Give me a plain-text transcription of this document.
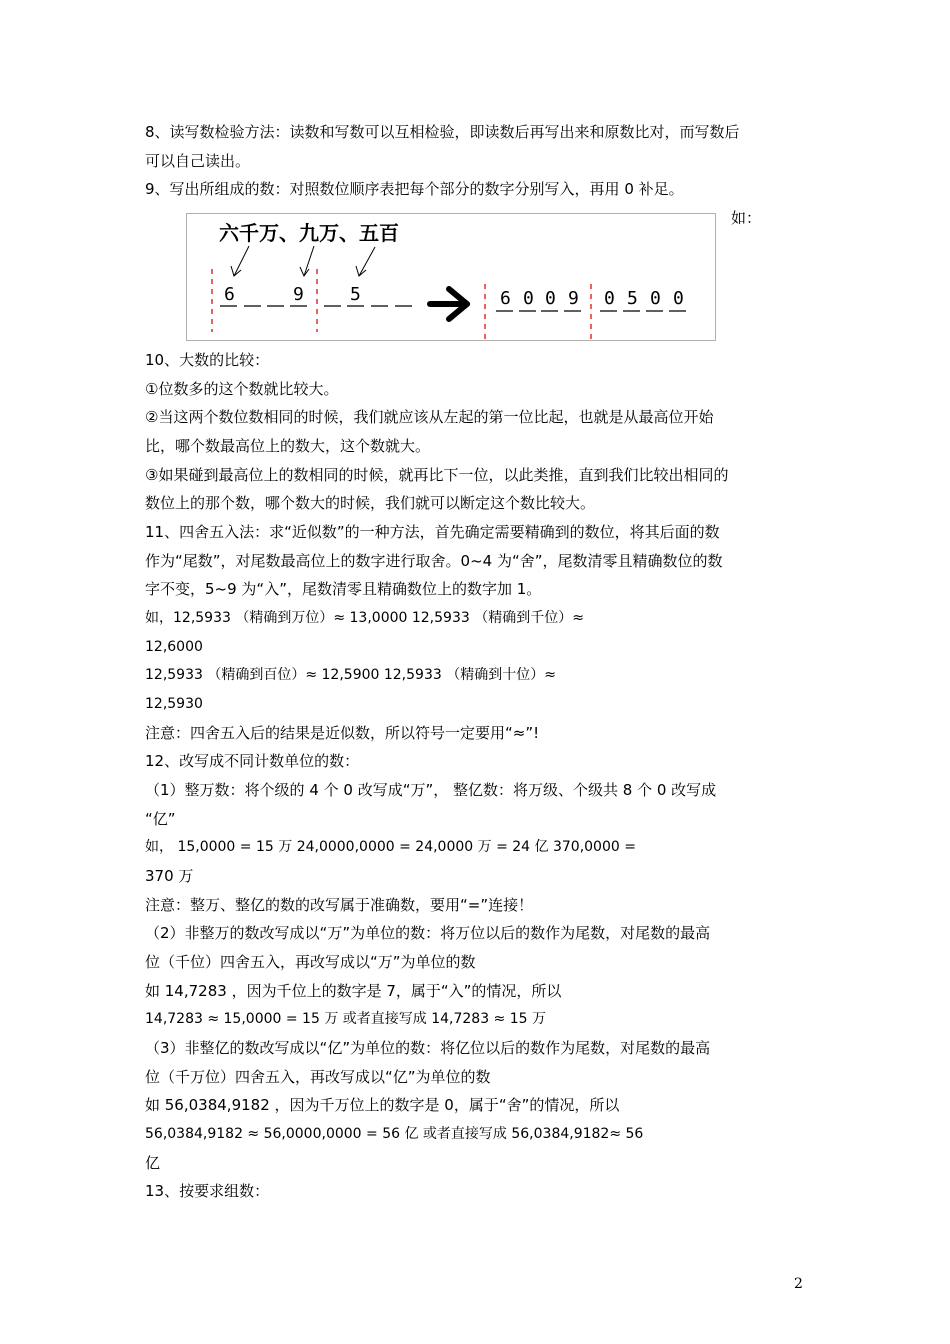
8、读写数检验方法：读数和写数可以互相检验，即读数后再写出来和原数比对，而写数后
可以自己读出。
9、写出所组成的数：对照数位顺序表把每个部分的数字分别写入，再用 0 补足。
六千万、九万、五百
6	9	5	6 0 0 9 0 5 0 0
如：
10、大数的比较：
①位数多的这个数就比较大。
②当这两个数位数相同的时候，我们就应该从左起的第一位比起，也就是从最高位开始
比，哪个数最高位上的数大，这个数就大。
③如果碰到最高位上的数相同的时候，就再比下一位，以此类推，直到我们比较出相同的
数位上的那个数，哪个数大的时候，我们就可以断定这个数比较大。
11、四舍五入法：求“近似数”的一种方法，首先确定需要精确到的数位，将其后面的数
作为“尾数”，对尾数最高位上的数字进行取舍。0~4 为“舍”，尾数清零且精确数位的数
字不变，5~9 为“入”，尾数清零且精确数位上的数字加 1。
如，12,5933 （精确到万位）≈ 13,0000 12,5933 （精确到千位）≈
12,6000
12,5933 （精确到百位）≈ 12,5900 12,5933 （精确到十位）≈
12,5930
注意：四舍五入后的结果是近似数，所以符号一定要用“≈”!
12、改写成不同计数单位的数：
（1）整万数：将个级的 4 个 0 改写成“万”， 整亿数：将万级、个级共 8 个 0 改写成
“亿”
如， 15,0000 = 15 万 24,0000,0000 = 24,0000 万 = 24 亿 370,0000 =
370 万
注意：整万、整亿的数的改写属于准确数，要用“=”连接！
（2）非整万的数改写成以“万”为单位的数：将万位以后的数作为尾数，对尾数的最高
位（千位）四舍五入，再改写成以“万”为单位的数
如 14,7283 ，因为千位上的数字是 7，属于“入”的情况，所以
14,7283 ≈ 15,0000 = 15 万 或者直接写成 14,7283 ≈ 15 万
（3）非整亿的数改写成以“亿”为单位的数：将亿位以后的数作为尾数，对尾数的最高
位（千万位）四舍五入，再改写成以“亿”为单位的数
如 56,0384,9182 ，因为千万位上的数字是 0，属于“舍”的情况，所以
56,0384,9182 ≈ 56,0000,0000 = 56 亿 或者直接写成 56,0384,9182≈ 56
亿
13、按要求组数：
2
